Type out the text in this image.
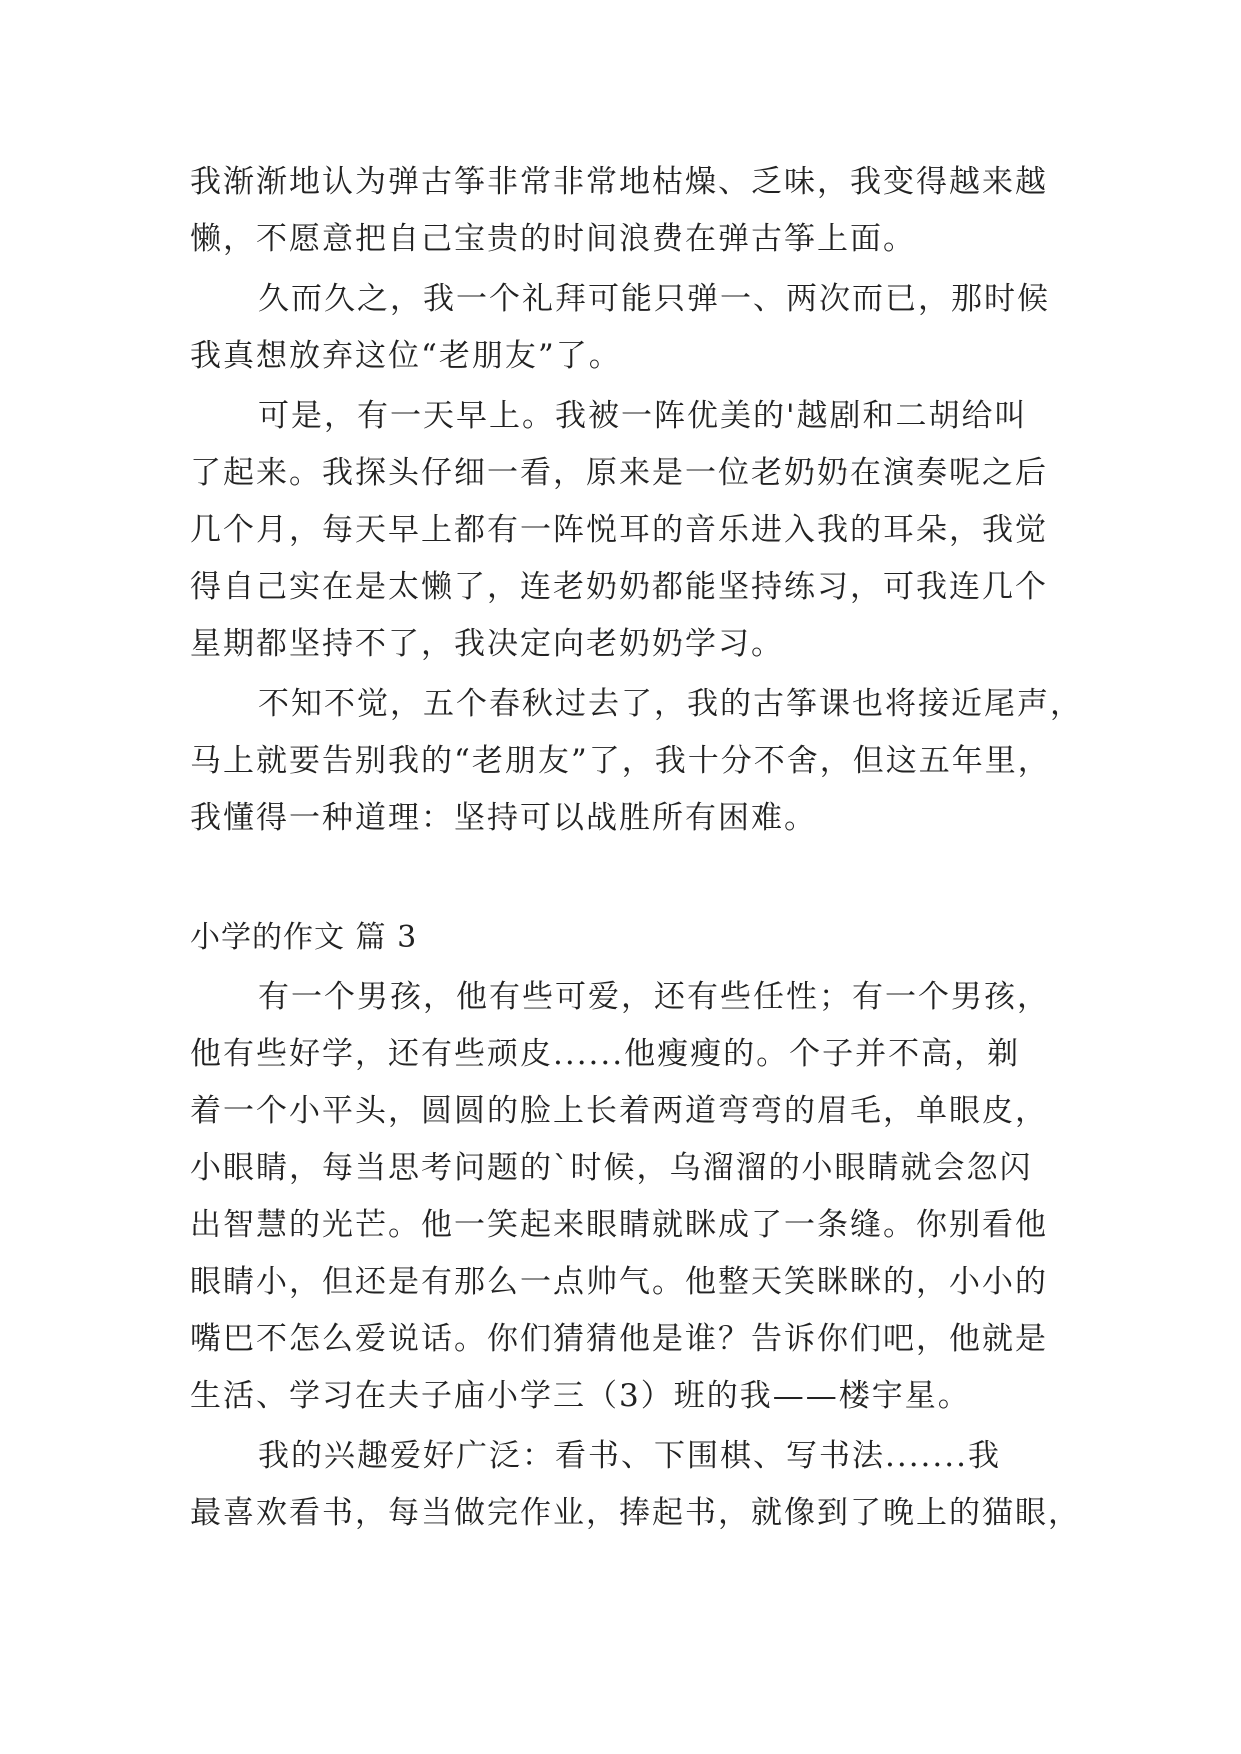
我渐渐地认为弹古筝非常非常地枯燥、乏味，我变得越来越
懒，不愿意把自己宝贵的时间浪费在弹古筝上面。
久而久之，我一个礼拜可能只弹一、两次而已，那时候
我真想放弃这位“老朋友”了。
可是，有一天早上。我被一阵优美的'越剧和二胡给叫
了起来。我探头仔细一看，原来是一位老奶奶在演奏呢之后
几个月，每天早上都有一阵悦耳的音乐进入我的耳朵，我觉
得自己实在是太懒了，连老奶奶都能坚持练习，可我连几个
星期都坚持不了，我决定向老奶奶学习。
不知不觉，五个春秋过去了，我的古筝课也将接近尾声，
马上就要告别我的“老朋友”了，我十分不舍，但这五年里，
我懂得一种道理：坚持可以战胜所有困难。
小学的作文 篇 3
有一个男孩，他有些可爱，还有些任性；有一个男孩，
他有些好学，还有些顽皮......他瘦瘦的。个子并不高，剃
着一个小平头，圆圆的脸上长着两道弯弯的眉毛，单眼皮，
小眼睛，每当思考问题的`时候，乌溜溜的小眼睛就会忽闪
出智慧的光芒。他一笑起来眼睛就眯成了一条缝。你别看他
眼睛小，但还是有那么一点帅气。他整天笑眯眯的，小小的
嘴巴不怎么爱说话。你们猜猜他是谁？告诉你们吧，他就是
生活、学习在夫子庙小学三（3）班的我——楼宇星。
我的兴趣爱好广泛：看书、下围棋、写书法.......我
最喜欢看书，每当做完作业，捧起书，就像到了晚上的猫眼，
